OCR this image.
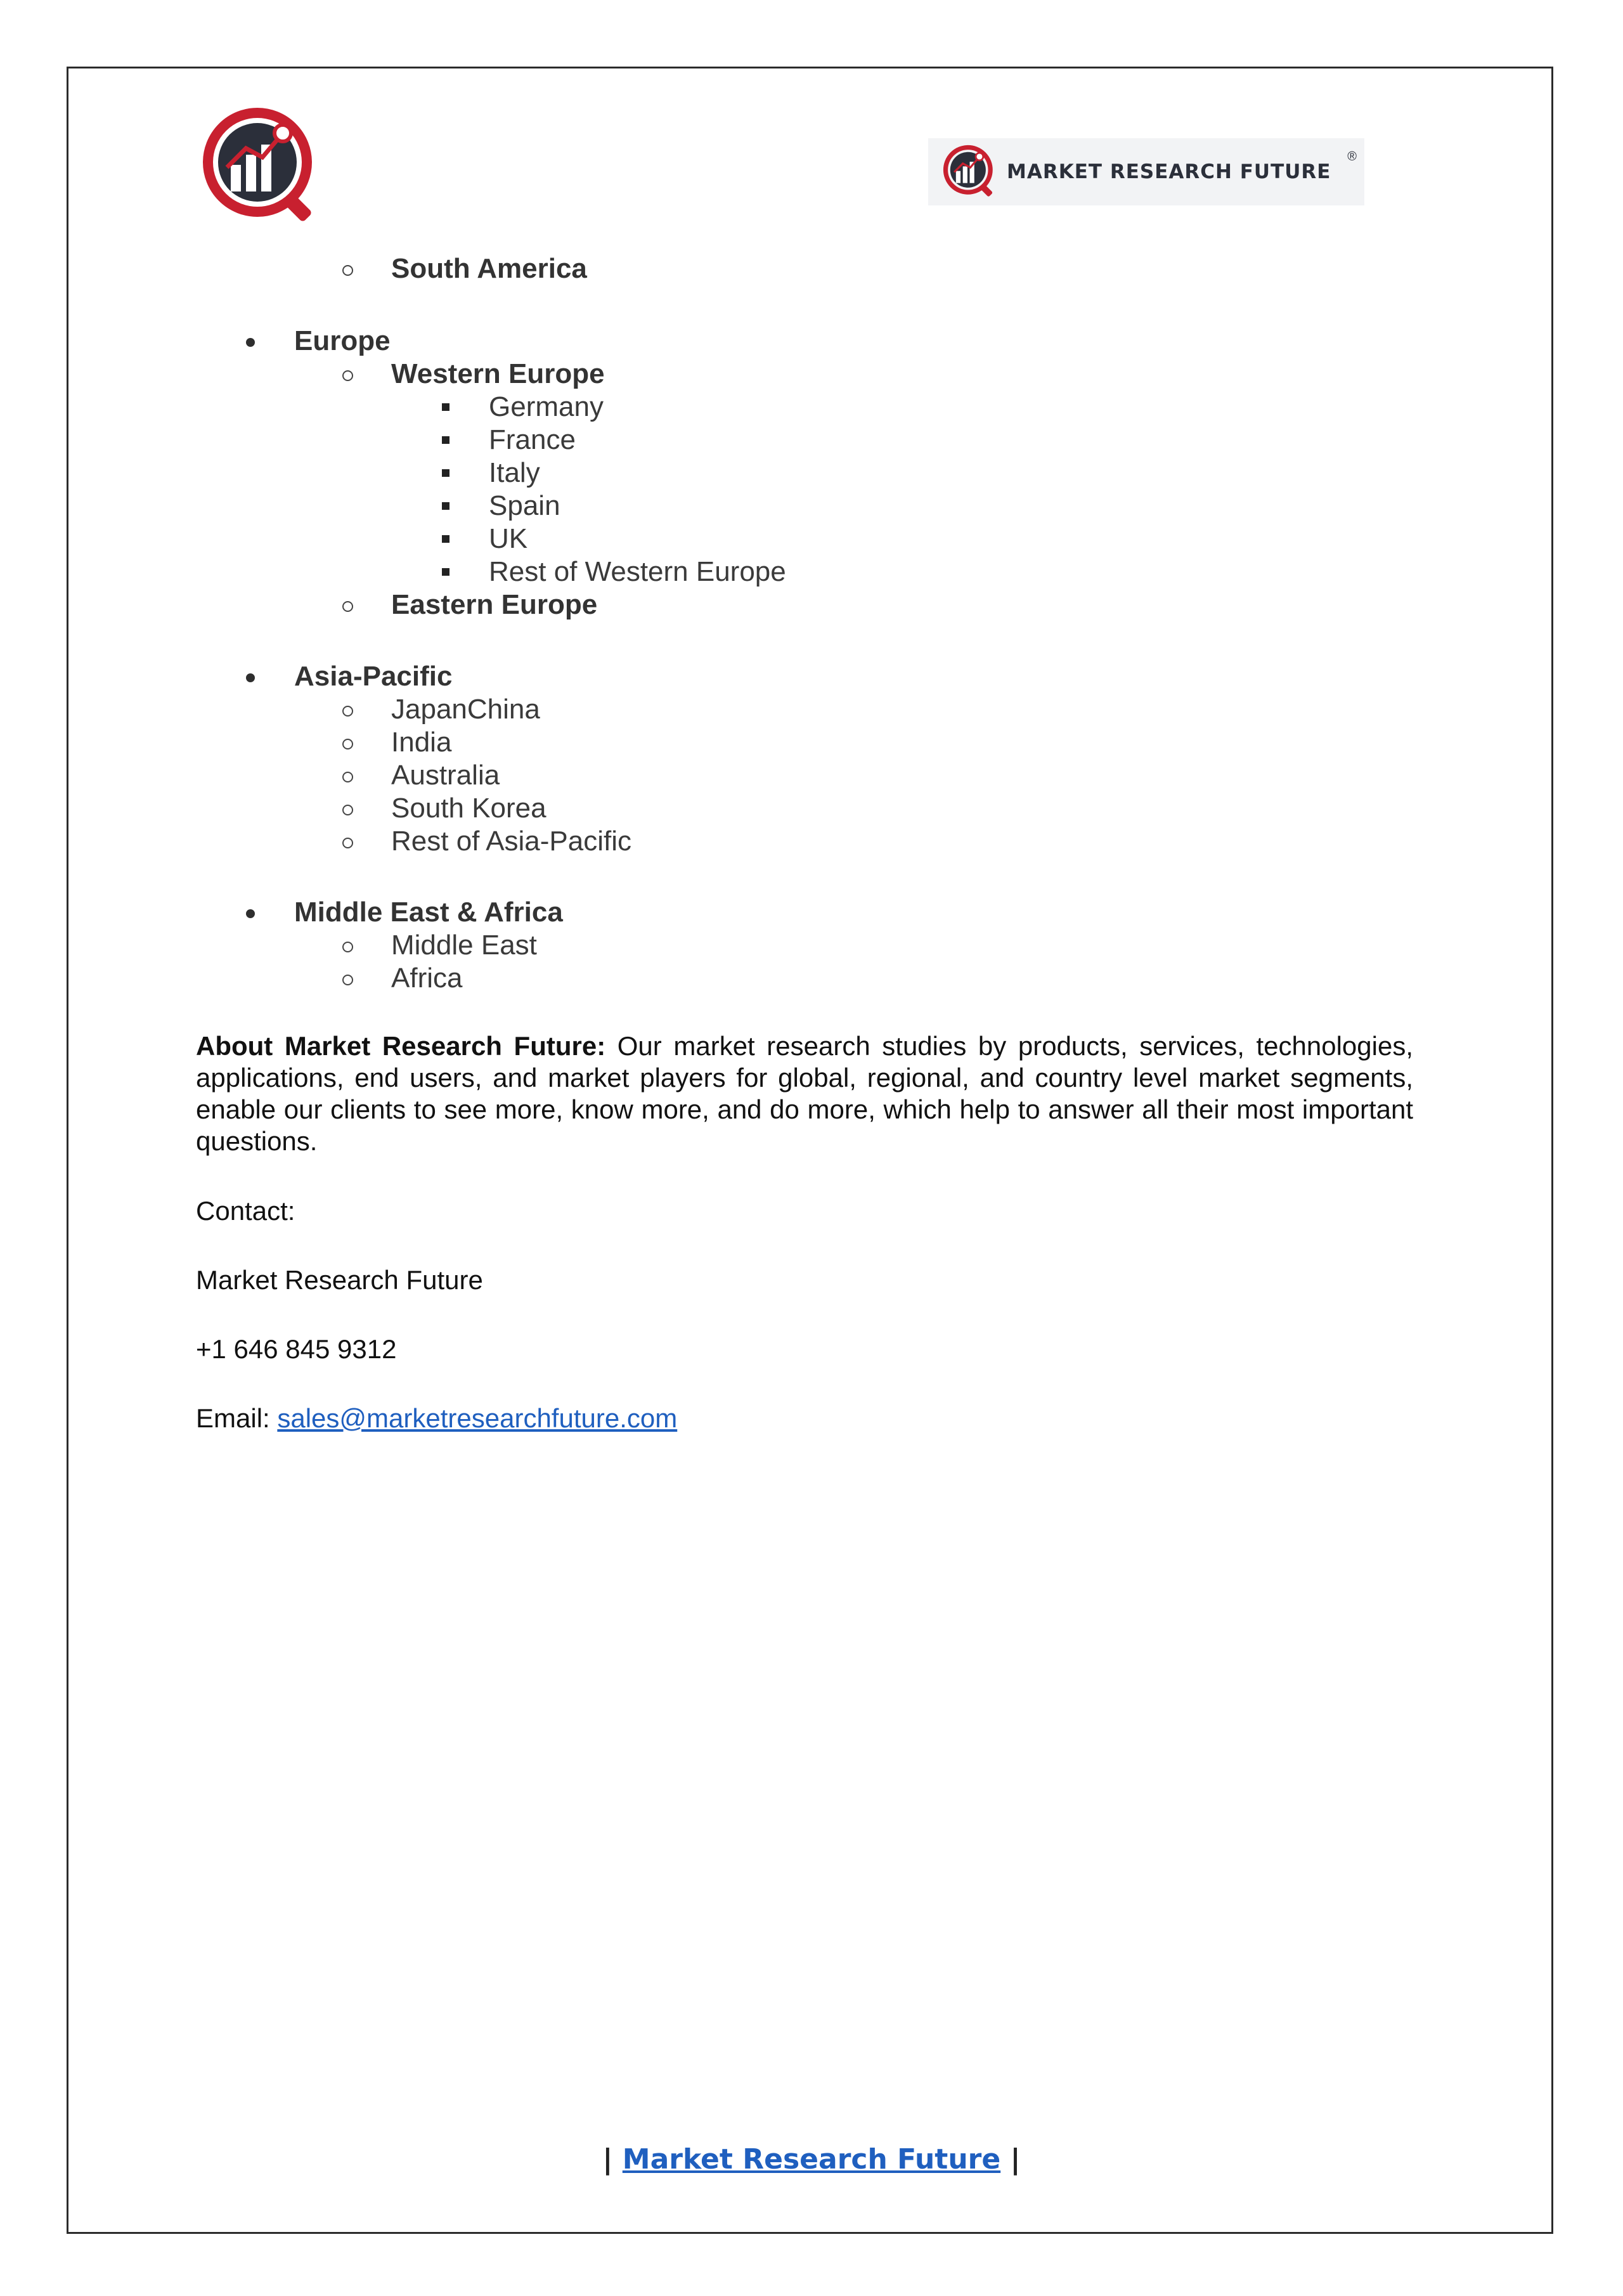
MARKET RESEARCH FUTURE
®
South America
Europe
Western Europe
Germany
France
Italy
Spain
UK
Rest of Western Europe
Eastern Europe
Asia-Pacific
JapanChina
India
Australia
South Korea
Rest of Asia-Pacific
Middle East & Africa
Middle East
Africa
About Market Research Future: Our market research studies by products, services, technologies, applications, end users, and market players for global, regional, and country level market segments, enable our clients to see more, know more, and do more, which help to answer all their most important questions.
Contact:
Market Research Future
+1 646 845 9312
Email: sales@marketresearchfuture.com
| Market Research Future |
